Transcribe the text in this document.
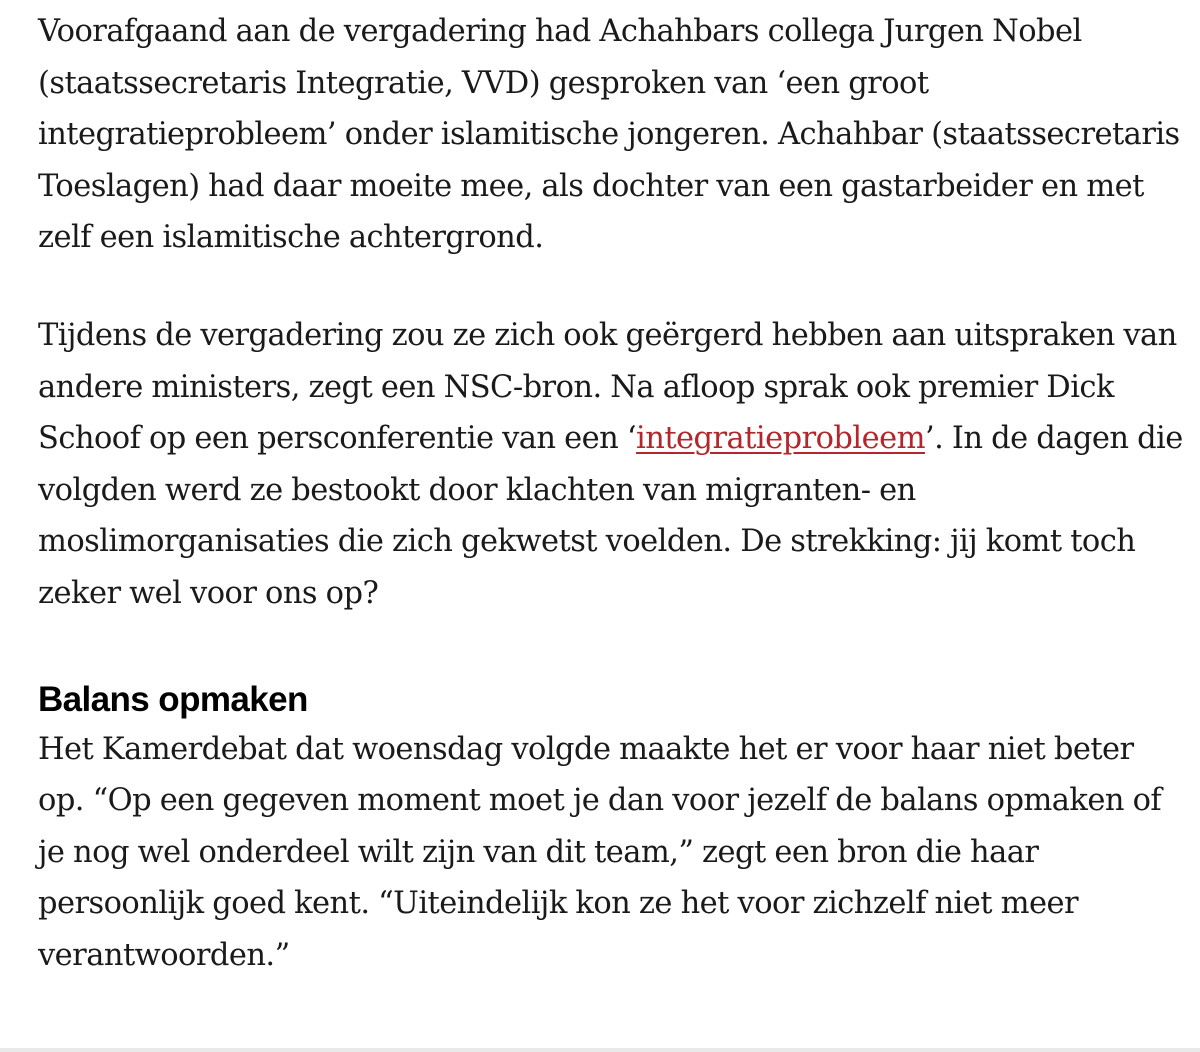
Voorafgaand aan de vergadering had Achahbars collega Jurgen Nobel (staatssecretaris Integratie, VVD) gesproken van ‘een groot integratieprobleem’ onder islamitische jongeren. Achahbar (staatssecretaris Toeslagen) had daar moeite mee, als dochter van een gastarbeider en met zelf een islamitische achtergrond.

Tijdens de vergadering zou ze zich ook geërgerd hebben aan uitspraken van andere ministers, zegt een NSC-bron. Na afloop sprak ook premier Dick Schoof op een persconferentie van een ‘integratieprobleem’. In de dagen die volgden werd ze bestookt door klachten van migranten- en moslimorganisaties die zich gekwetst voelden. De strekking: jij komt toch zeker wel voor ons op?

Balans opmaken

Het Kamerdebat dat woensdag volgde maakte het er voor haar niet beter op. “Op een gegeven moment moet je dan voor jezelf de balans opmaken of je nog wel onderdeel wilt zijn van dit team,” zegt een bron die haar persoonlijk goed kent. “Uiteindelijk kon ze het voor zichzelf niet meer verantwoorden.”
